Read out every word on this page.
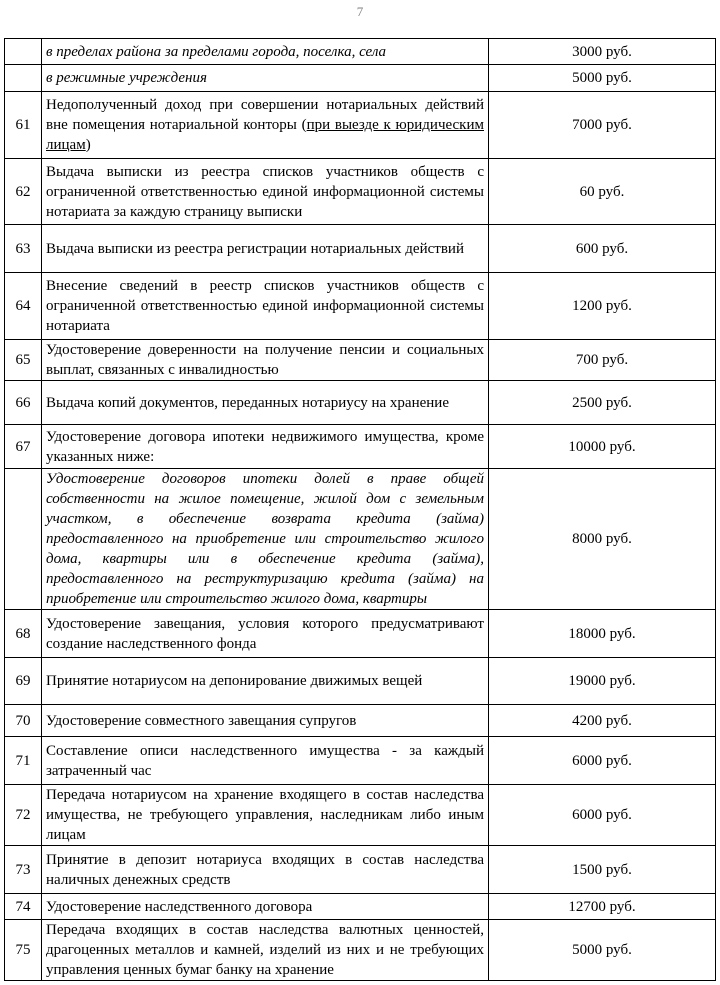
7
	в пределах района за пределами города, поселка, села	3000 руб.
	в режимные учреждения	5000 руб.
61	Недополученный доход при совершении нотариальных действий вне помещения нотариальной конторы (при выезде к юридическим лицам)	7000 руб.
62	Выдача выписки из реестра списков участников обществ с ограниченной ответственностью единой информационной системы нотариата за каждую страницу выписки	60 руб.
63	Выдача выписки из реестра регистрации нотариальных действий	600 руб.
64	Внесение сведений в реестр списков участников обществ с ограниченной ответственностью единой информационной системы нотариата	1200 руб.
65	Удостоверение доверенности на получение пенсии и социальных выплат, связанных с инвалидностью	700 руб.
66	Выдача копий документов, переданных нотариусу на хранение	2500 руб.
67	Удостоверение договора ипотеки недвижимого имущества, кроме указанных ниже:	10000 руб.
	Удостоверение договоров ипотеки долей в праве общей собственности на жилое помещение, жилой дом с земельным участком, в обеспечение возврата кредита (займа) предоставленного на приобретение или строительство жилого дома, квартиры или в обеспечение кредита (займа), предоставленного на реструктуризацию кредита (займа) на приобретение или строительство жилого дома, квартиры	8000 руб.
68	Удостоверение завещания, условия которого предусматривают создание наследственного фонда	18000 руб.
69	Принятие нотариусом на депонирование движимых вещей	19000 руб.
70	Удостоверение совместного завещания супругов	4200 руб.
71	Составление описи наследственного имущества - за каждый затраченный час	6000 руб.
72	Передача нотариусом на хранение входящего в состав наследства имущества, не требующего управления, наследникам либо иным лицам	6000 руб.
73	Принятие в депозит нотариуса входящих в состав наследства наличных денежных средств	1500 руб.
74	Удостоверение наследственного договора	12700 руб.
75	Передача входящих в состав наследства валютных ценностей, драгоценных металлов и камней, изделий из них и не требующих управления ценных бумаг банку на хранение	5000 руб.
